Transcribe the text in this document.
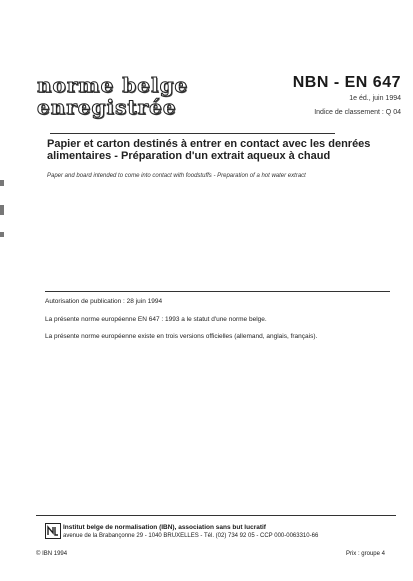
norme belge
enregistrée
NBN - EN 647
1e éd., juin 1994
Indice de classement : Q 04
Papier et carton destinés à entrer en contact avec les denrées alimentaires - Préparation d'un extrait aqueux à chaud
Paper and board intended to come into contact with foodstuffs - Preparation of a hot water extract
Autorisation de publication : 28 juin 1994
La présente norme européenne EN 647 : 1993 a le statut d'une norme belge.
La présente norme européenne existe en trois versions officielles (allemand, anglais, français).
Institut belge de normalisation (IBN), association sans but lucratif
avenue de la Brabançonne 29 - 1040 BRUXELLES - Tél. (02) 734 92 05 - CCP 000-0063310-66
© IBN 1994	Prix : groupe 4
